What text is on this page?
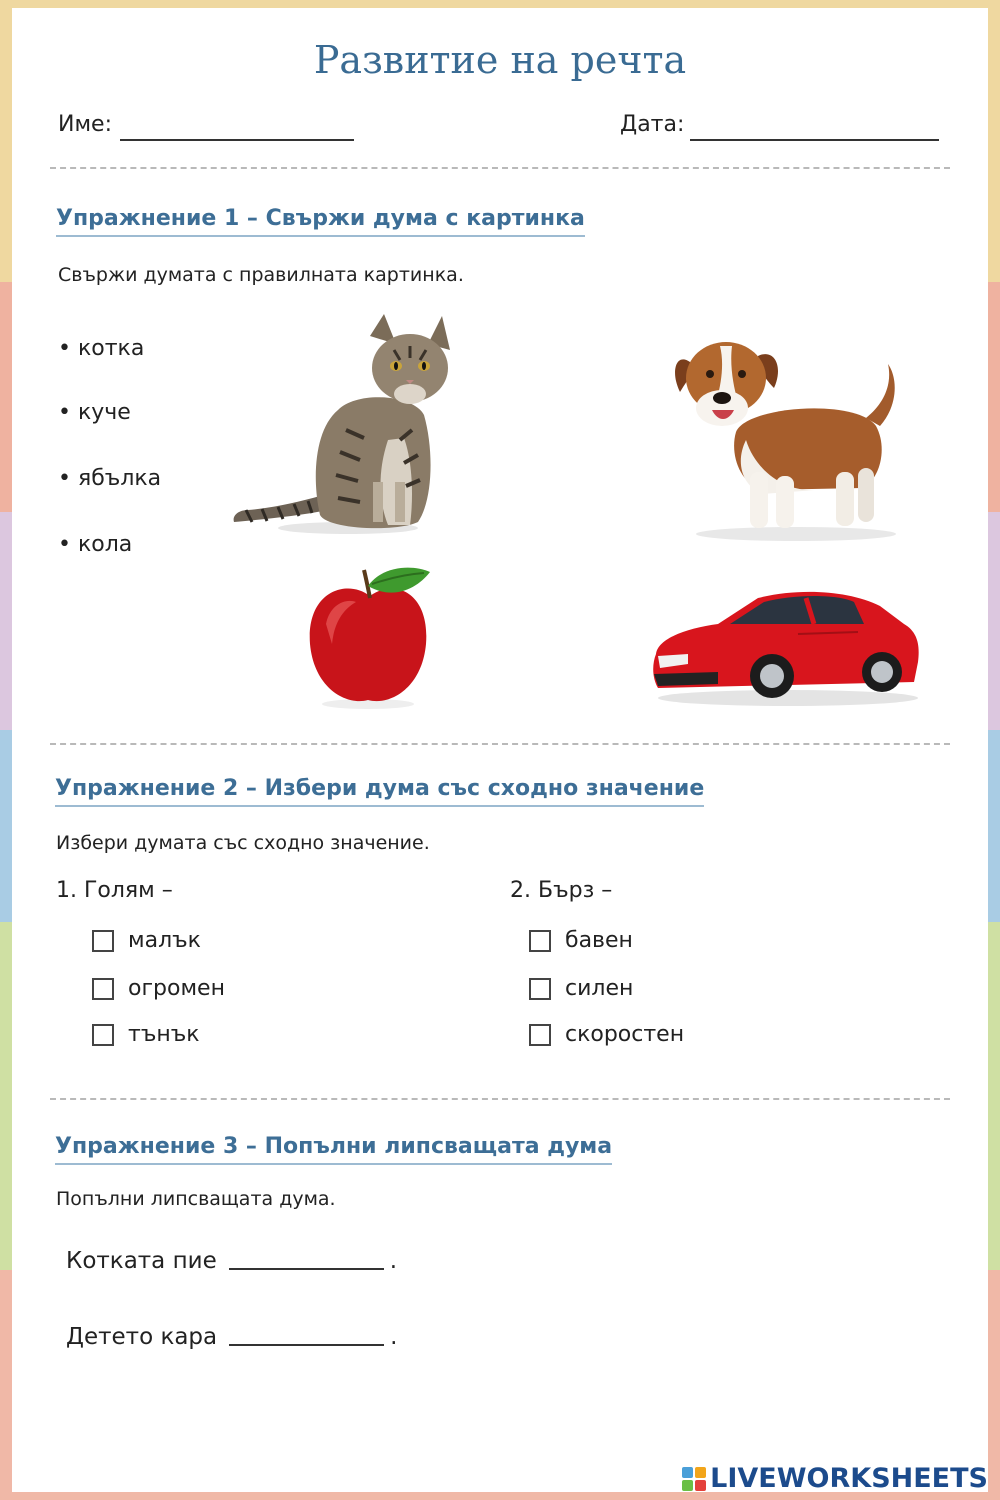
Развитие на речта
Име:	Дата:
Упражнение 1 – Свържи дума с картинка
Свържи думата с правилната картинка.
• котка
• куче
• ябълка
• кола
Упражнение 2 – Избери дума със сходно значение
Избери думата със сходно значение.
1. Голям –
малък
огромен
тънък
2. Бърз –
бавен
силен
скоростен
Упражнение 3 – Попълни липсващата дума
Попълни липсващата дума.
Котката пие	.
Детето кара	.
LIVEWORKSHEETS
